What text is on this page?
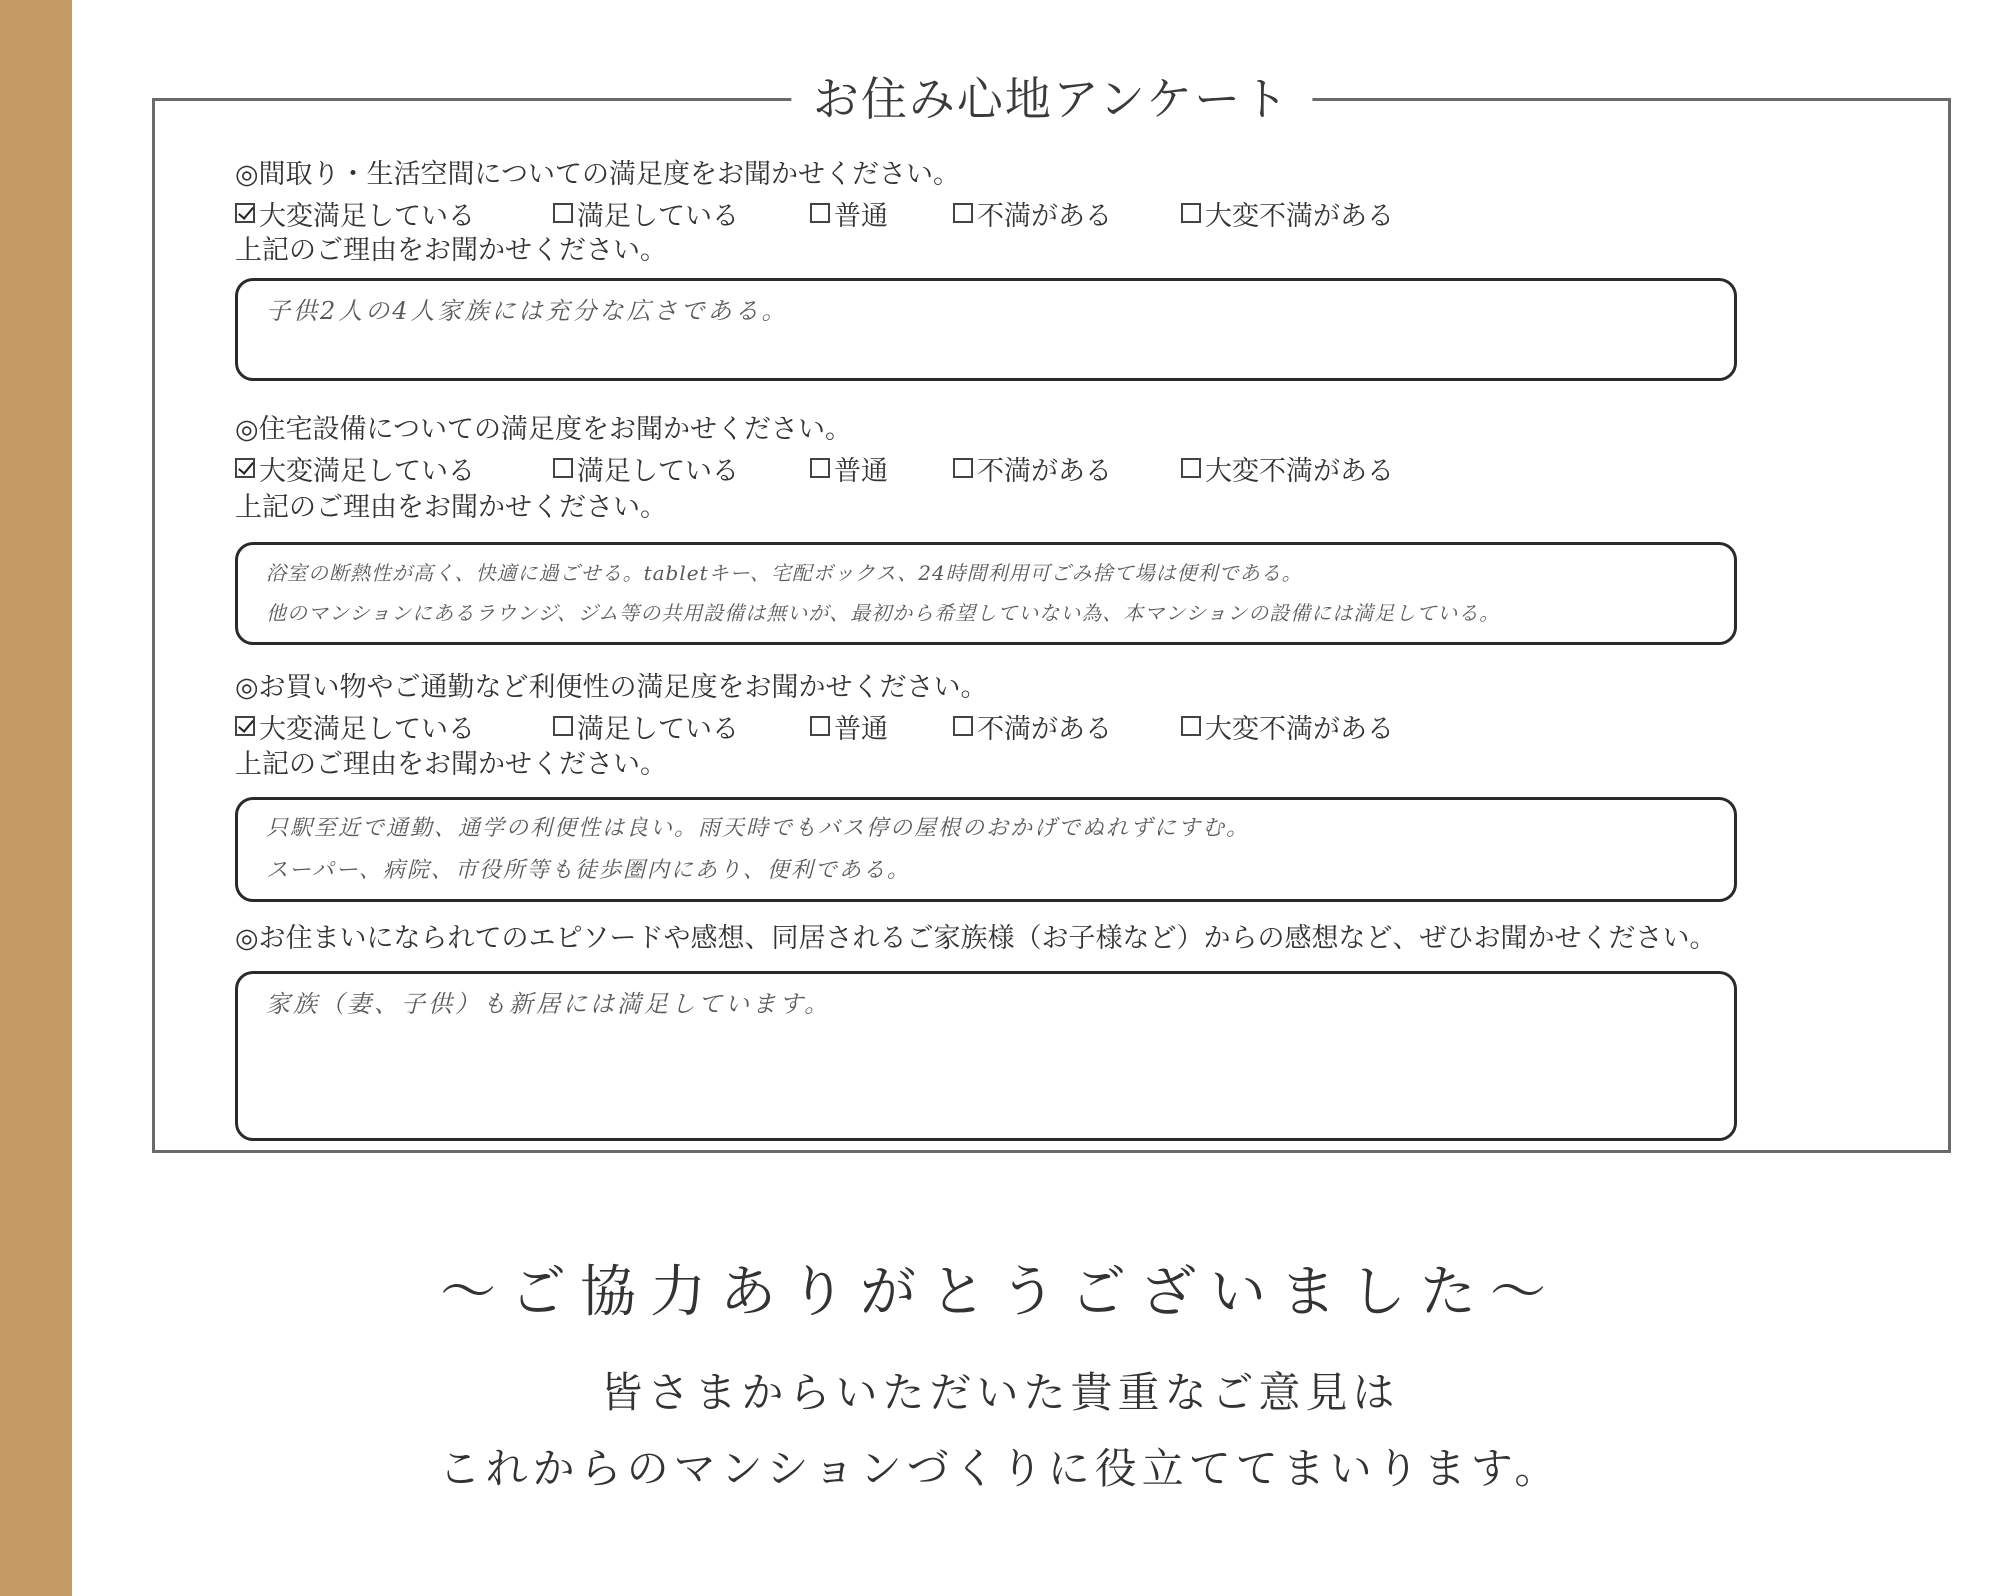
お住み心地アンケート
◎間取り・生活空間についての満足度をお聞かせください。
大変満足している	満足している	普通	不満がある	大変不満がある
上記のご理由をお聞かせください。
子供2人の4人家族には充分な広さである。
◎住宅設備についての満足度をお聞かせください。
大変満足している	満足している	普通	不満がある	大変不満がある
上記のご理由をお聞かせください。
浴室の断熱性が高く、快適に過ごせる。tabletキー、宅配ボックス、24時間利用可ごみ捨て場は便利である。
他のマンションにあるラウンジ、ジム等の共用設備は無いが、最初から希望していない為、本マンションの設備には満足している。
◎お買い物やご通勤など利便性の満足度をお聞かせください。
大変満足している	満足している	普通	不満がある	大変不満がある
上記のご理由をお聞かせください。
只駅至近で通勤、通学の利便性は良い。雨天時でもバス停の屋根のおかげでぬれずにすむ。
スーパー、病院、市役所等も徒歩圏内にあり、便利である。
◎お住まいになられてのエピソードや感想、同居されるご家族様（お子様など）からの感想など、ぜひお聞かせください。
家族（妻、子供）も新居には満足しています。
～ご協力ありがとうございました～
皆さまからいただいた貴重なご意見は
これからのマンションづくりに役立ててまいります。
